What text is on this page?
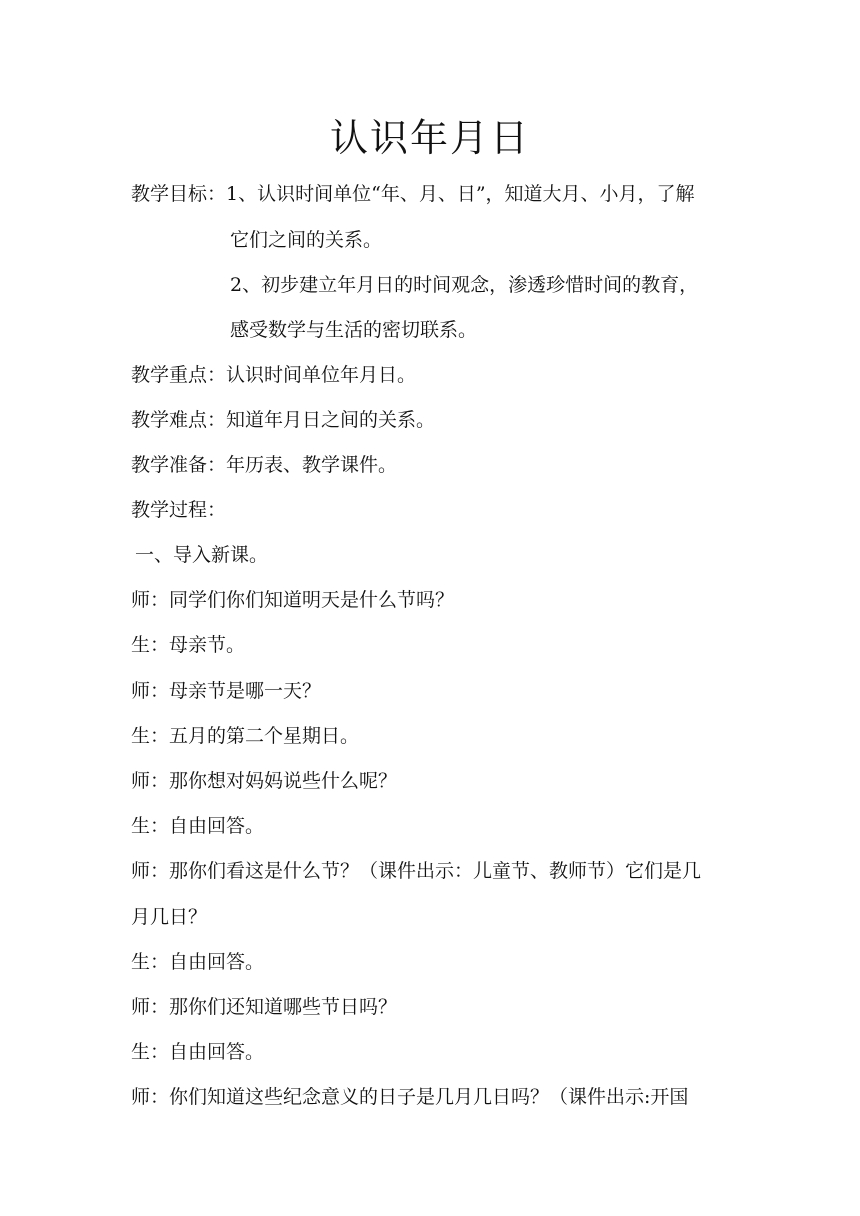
认识年月日
教学目标：1、认识时间单位“年、月、日”，知道大月、小月，了解
它们之间的关系。
2、初步建立年月日的时间观念，渗透珍惜时间的教育，
感受数学与生活的密切联系。
教学重点：认识时间单位年月日。
教学难点：知道年月日之间的关系。
教学准备：年历表、教学课件。
教学过程：
一、导入新课。
师：同学们你们知道明天是什么节吗？
生：母亲节。
师：母亲节是哪一天？
生：五月的第二个星期日。
师：那你想对妈妈说些什么呢？
生：自由回答。
师：那你们看这是什么节？（课件出示：儿童节、教师节）它们是几
月几日？
生：自由回答。
师：那你们还知道哪些节日吗？
生：自由回答。
师：你们知道这些纪念意义的日子是几月几日吗？（课件出示:开国
